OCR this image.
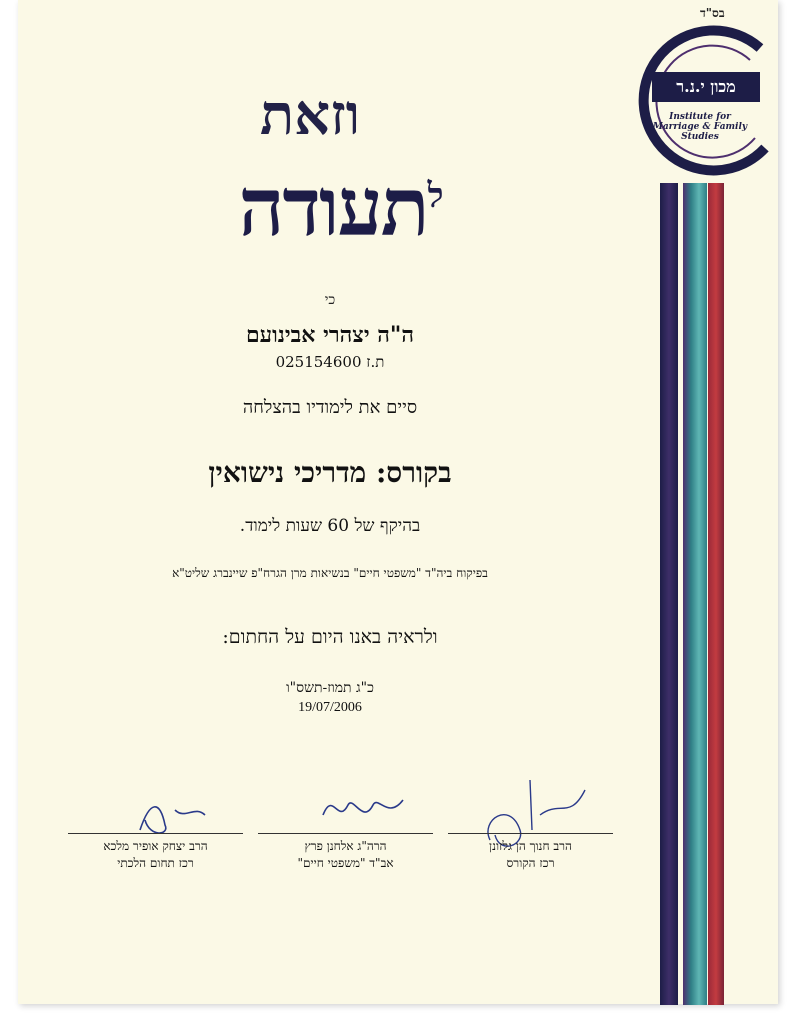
בס"ד
מכון י.נ.ר
Institute for Marriage & Family Studies
וזאת
$^ל$תעודה
כי
ה"ה יצהרי אבינועם
ת.ז 025154600
סיים את לימודיו בהצלחה
בקורס: מדריכי נישואין
בהיקף של 60 שעות לימוד.
בפיקוח ביה"ד "משפטי חיים" בנשיאות מרן הגרח"פ שיינברג שליט"א
ולראיה באנו היום על החתום:
כ"ג תמוז-תשס"ו
19/07/2006
הרב יצחק אופיר מלכא
רכז תחום הלכתי
הרה"ג אלחנן פרץ
אב"ד "משפטי חיים"
הרב חנוך הן גלזונן
רכז הקורס
